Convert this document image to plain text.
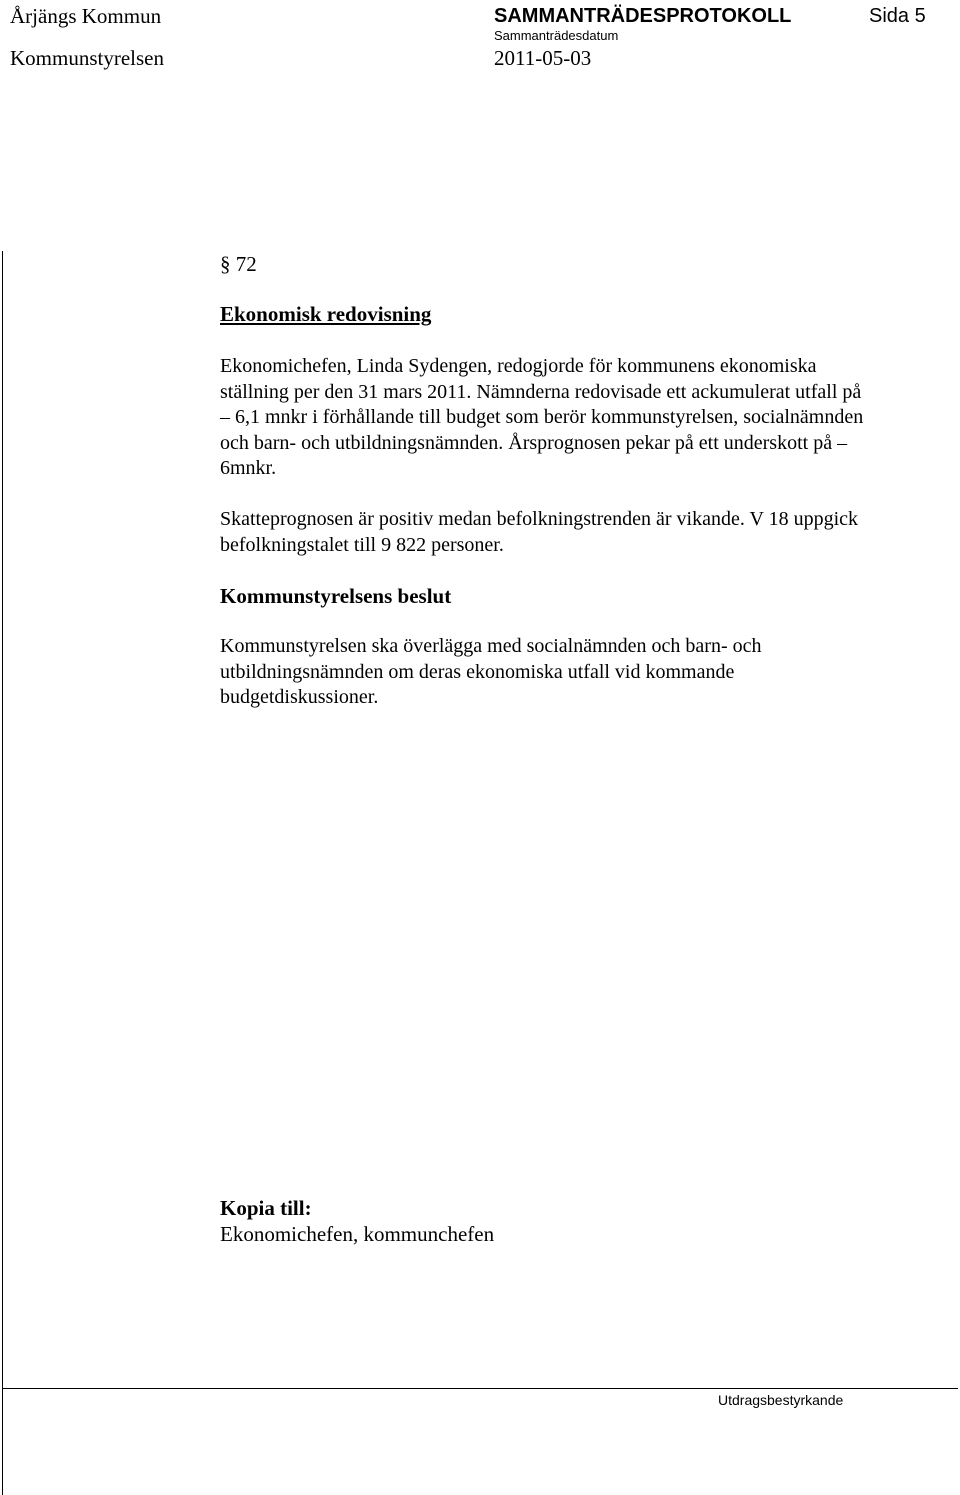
Årjängs Kommun	SAMMANTRÄDESPROTOKOLL	Sida 5
Kommunstyrelsen
Sammanträdesdatum
2011-05-03
§ 72
Ekonomisk redovisning
Ekonomichefen, Linda Sydengen, redogjorde för kommunens ekonomiska
ställning per den 31 mars 2011. Nämnderna redovisade ett ackumulerat utfall på
– 6,1 mnkr i förhållande till budget som berör kommunstyrelsen, socialnämnden
och barn- och utbildningsnämnden. Årsprognosen pekar på ett underskott på –
6mnkr.
Skatteprognosen är positiv medan befolkningstrenden är vikande. V 18 uppgick
befolkningstalet till 9 822 personer.
Kommunstyrelsens beslut
Kommunstyrelsen ska överlägga med socialnämnden och barn- och
utbildningsnämnden om deras ekonomiska utfall vid kommande
budgetdiskussioner.
Kopia till:
Ekonomichefen, kommunchefen
Utdragsbestyrkande
